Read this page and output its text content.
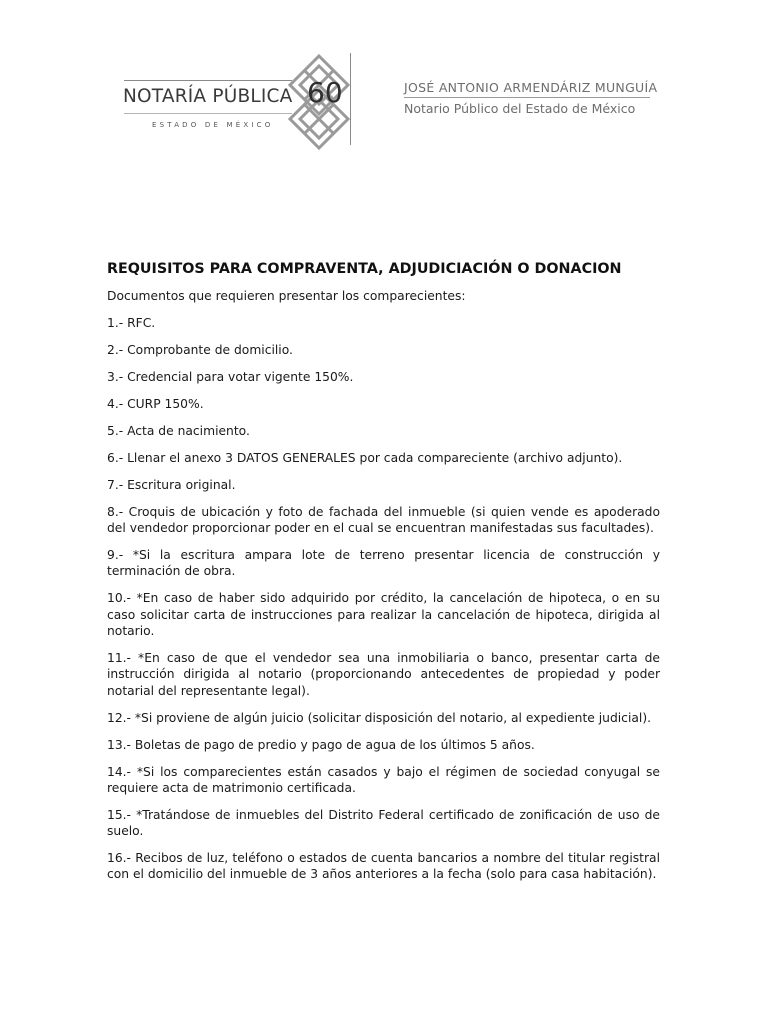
NOTARÍA PÚBLICA
ESTADO DE MÉXICO
60	JOSÉ ANTONIO ARMENDÁRIZ MUNGUÍA
Notario Público del Estado de México
REQUISITOS PARA COMPRAVENTA, ADJUDICIACIÓN O DONACION

Documentos que requieren presentar los comparecientes:

1.- RFC.

2.- Comprobante de domicilio.

3.- Credencial para votar vigente 150%.

4.- CURP 150%.

5.- Acta de nacimiento.

6.- Llenar el anexo 3 DATOS GENERALES por cada compareciente (archivo adjunto).

7.- Escritura original.

8.- Croquis de ubicación y foto de fachada del inmueble (si quien vende es apoderado del vendedor proporcionar poder en el cual se encuentran manifestadas sus facultades).

9.- *Si la escritura ampara lote de terreno presentar licencia de construcción y terminación de obra.

10.- *En caso de haber sido adquirido por crédito, la cancelación de hipoteca, o en su caso solicitar carta de instrucciones para realizar la cancelación de hipoteca, dirigida al notario.

11.- *En caso de que el vendedor sea una inmobiliaria o banco, presentar carta de instrucción dirigida al notario (proporcionando antecedentes de propiedad y poder notarial del representante legal).

12.- *Si proviene de algún juicio (solicitar disposición del notario, al expediente judicial).

13.- Boletas de pago de predio y pago de agua de los últimos 5 años.

14.- *Si los comparecientes están casados y bajo el régimen de sociedad conyugal se requiere acta de matrimonio certificada.

15.- *Tratándose de inmuebles del Distrito Federal certificado de zonificación de uso de suelo.

16.- Recibos de luz, teléfono o estados de cuenta bancarios a nombre del titular registral con el domicilio del inmueble de 3 años anteriores a la fecha (solo para casa habitación).
